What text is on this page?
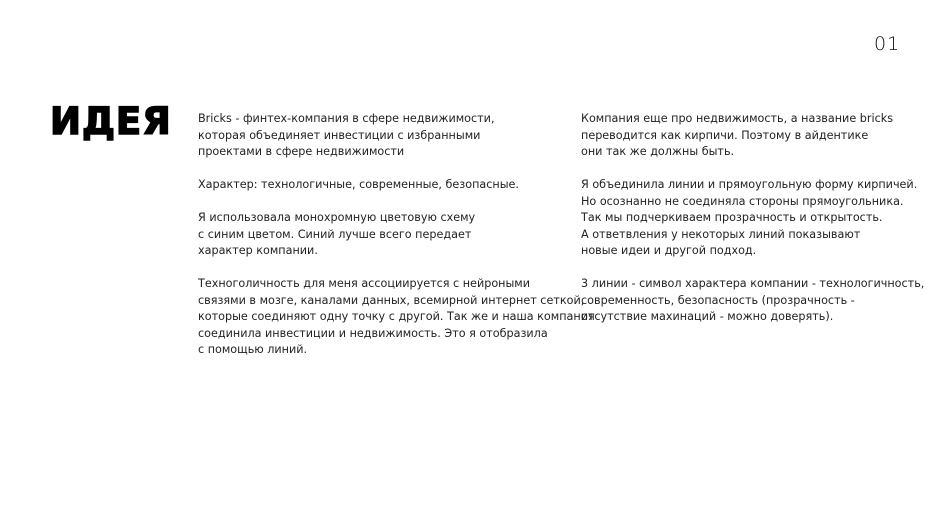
01
ИДЕЯ Bricks - финтех-компания в сфере недвижимости,
которая объединяет инвестиции с избранными
проектами в сфере недвижимости
Характер: технологичные, современные, безопасные.
Я использовала монохромную цветовую схему
с синим цветом. Синий лучше всего передает
характер компании.
Техноголичность для меня ассоциируется с нейроными
связями в мозге, каналами данных, всемирной интернет сеткой,
которые соединяют одну точку с другой. Так же и наша компания
соединила инвестиции и недвижимость. Это я отобразила
с помощью линий.
Компания еще про недвижимость, а название bricks
переводится как кирпичи. Поэтому в айдентике
они так же должны быть.
Я объединила линии и прямоугольную форму кирпичей.
Но осознанно не соединяла стороны прямоугольника.
Так мы подчеркиваем прозрачность и открытость.
А ответвления у некоторых линий показывают
новые идеи и другой подход.
3 линии - символ характера компании - технологичность,
современность, безопасность (прозрачность -
отсутствие махинаций - можно доверять).
